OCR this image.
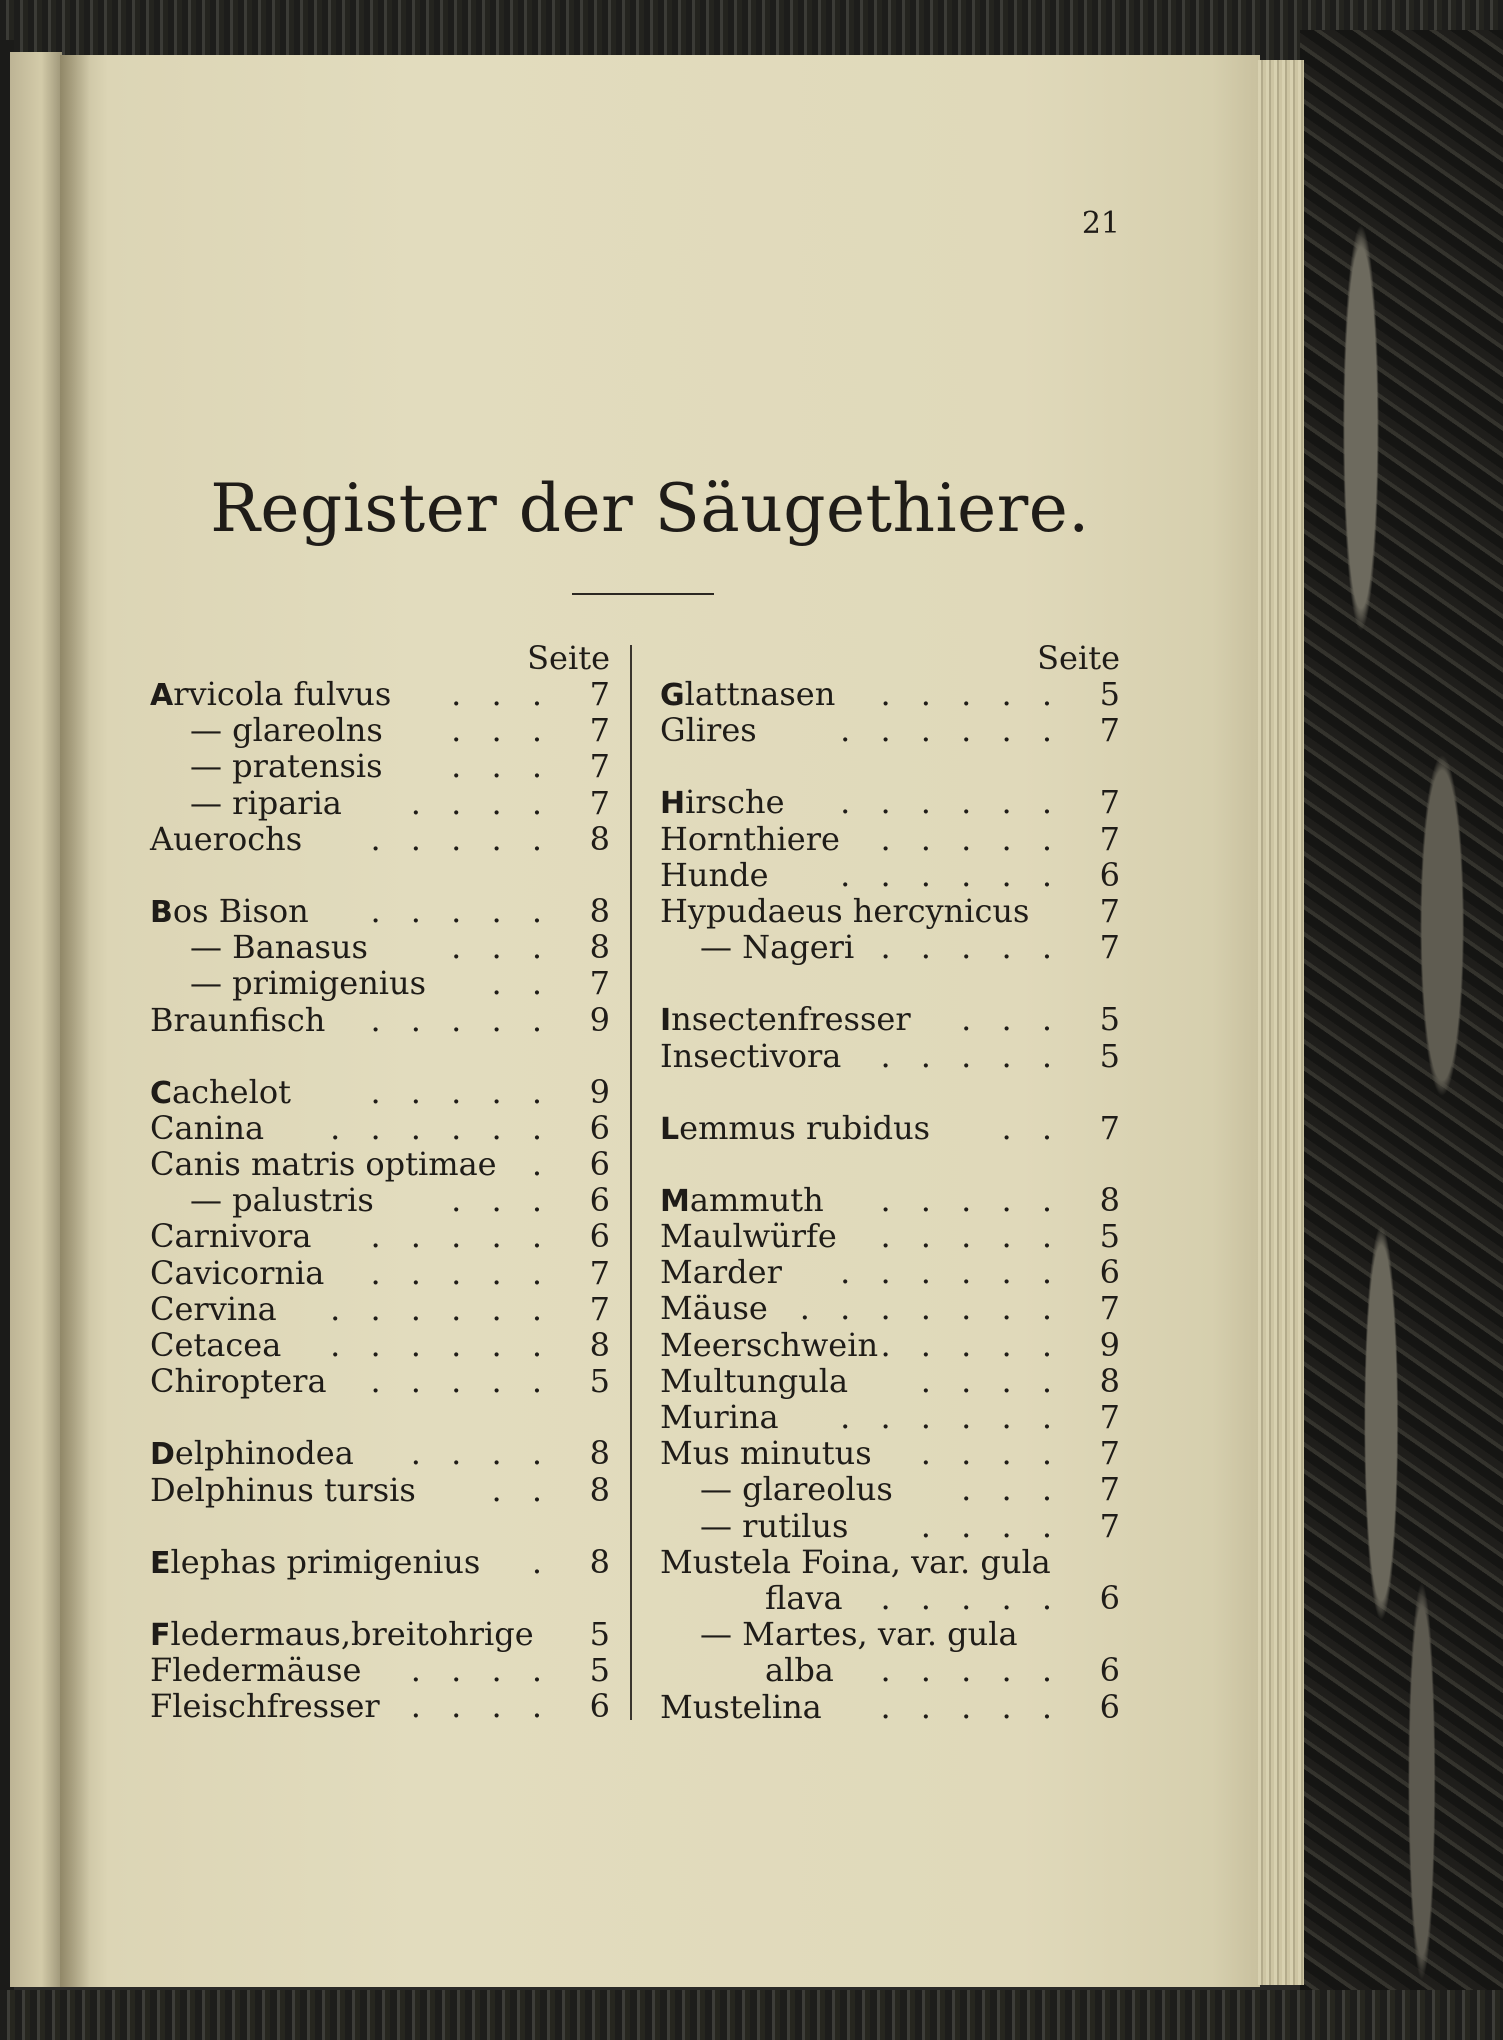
21
Register der Säugethiere.
Seite
Arvicola fulvus . . .	7
— glareolns . . .	7
— pratensis . . .	7
— riparia . . . .	7
Auerochs . . . . .	8
Bos Bison . . . . .	8
— Banasus	. . .	8
— primigenius . .	7
Braunfisch . . . . .	9
Cachelot . . . . .	9
Canina . . . . . .	6
Canis matris optimae .	6
— palustris . . .	6
Carnivora . . . . .	6
Cavicornia . . . . .	7
Cervina . . . . . .	7
Cetacea . . . . . .	8
Chiroptera . . . . .	5
Delphinodea . . . .	8
Delphinus tursis . .	8
Elephas primigenius .	8
Fledermaus,breitohrige	5
Fledermäuse . . . .	5
Fleischfresser . . . .	6
Seite
Glattnasen . . . . .	5
Glires	. . . . . .	7
Hirsche . . . . . .	7
Hornthiere . . . . .	7
Hunde . . . . . .	6
Hypudaeus hercynicus	7
— Nageri . . . . .	7
Insectenfresser . . .	5
Insectivora . . . . .	5
Lemmus rubidus . .	7
Mammuth . . . . .	8
Maulwürfe . . . . .	5
Marder . . . . . .	6
Mäuse . . . . . . .	7
Meerschwein . . . . .	9
Multungula . . . .	8
Murina . . . . . .	7
Mus minutus . . . .	7
— glareolus . . .	7
— rutilus . . . .	7
Mustela Foina, var. gula
flava . . . . .	6
— Martes, var. gula
alba . . . . .	6
Mustelina . . . . .	6
